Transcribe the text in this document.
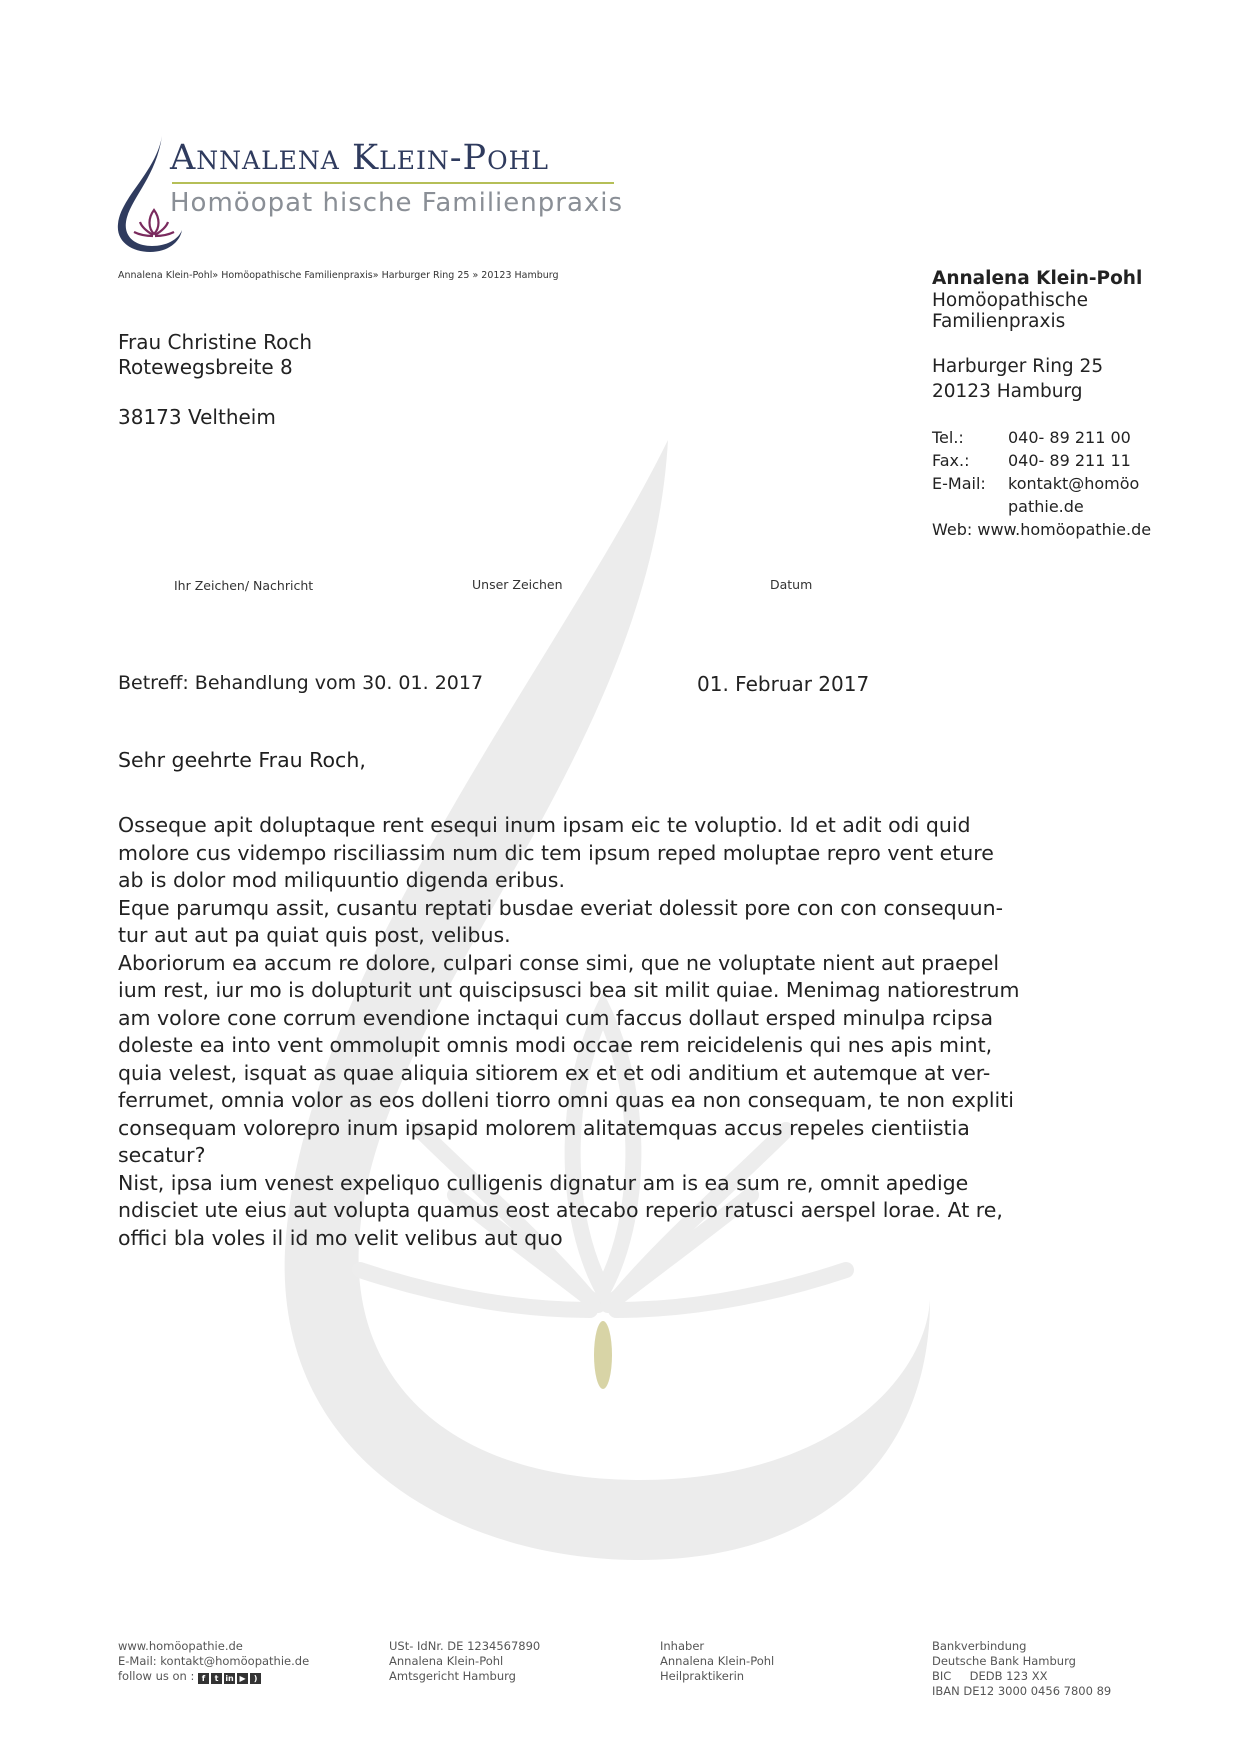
Annalena Klein-Pohl
Homöopat hische Familienpraxis
Annalena Klein-Pohl» Homöopathische Familienpraxis» Harburger Ring 25 » 20123 Hamburg
Frau Christine Roch
Rotewegsbreite 8
38173 Veltheim
Annalena Klein-Pohl
Homöopathische
Familienpraxis
Harburger Ring 25
20123 Hamburg
Tel.:	040- 89 211 00
Fax.: 040- 89 211 11
E-Mail: kontakt@homöo
pathie.de
Web: www.homöopathie.de
Ihr Zeichen/ Nachricht	Unser Zeichen	Datum
Betreff: Behandlung vom 30. 01. 2017	01. Februar 2017
Sehr geehrte Frau Roch,

Osseque apit doluptaque rent esequi inum ipsam eic te voluptio. Id et adit odi quid
molore cus vidempo risciliassim num dic tem ipsum reped moluptae repro vent eture
ab is dolor mod miliquuntio digenda eribus.

Eque parumqu assit, cusantu reptati busdae everiat dolessit pore con con consequun-
tur aut aut pa quiat quis post, velibus.

Aboriorum ea accum re dolore, culpari conse simi, que ne voluptate nient aut praepel
ium rest, iur mo is dolupturit unt quiscipsusci bea sit milit quiae. Menimag natiorestrum
am volore cone corrum evendione inctaqui cum faccus dollaut ersped minulpa rcipsa
doleste ea into vent ommolupit omnis modi occae rem reicidelenis qui nes apis mint,
quia velest, isquat as quae aliquia sitiorem ex et et odi anditium et autemque at ver-
ferrumet, omnia volor as eos dolleni tiorro omni quas ea non consequam, te non expliti
consequam volorepro inum ipsapid molorem alitatemquas accus repeles cientiistia
secatur?

Nist, ipsa ium venest expeliquo culligenis dignatur am is ea sum re, omnit apedige
ndisciet ute eius aut volupta quamus eost atecabo reperio ratusci aerspel lorae. At re,
offici bla voles il id mo velit velibus aut quo

www.homöopathie.de
E-Mail: kontakt@homöopathie.de
follow us on : f t in ▶ )
USt- IdNr. DE 1234567890
Annalena Klein-Pohl
Amtsgericht Hamburg
Inhaber
Annalena Klein-Pohl
Heilpraktikerin
Bankverbindung
Deutsche Bank Hamburg
BIC     DEDB 123 XX
IBAN DE12 3000 0456 7800 89
